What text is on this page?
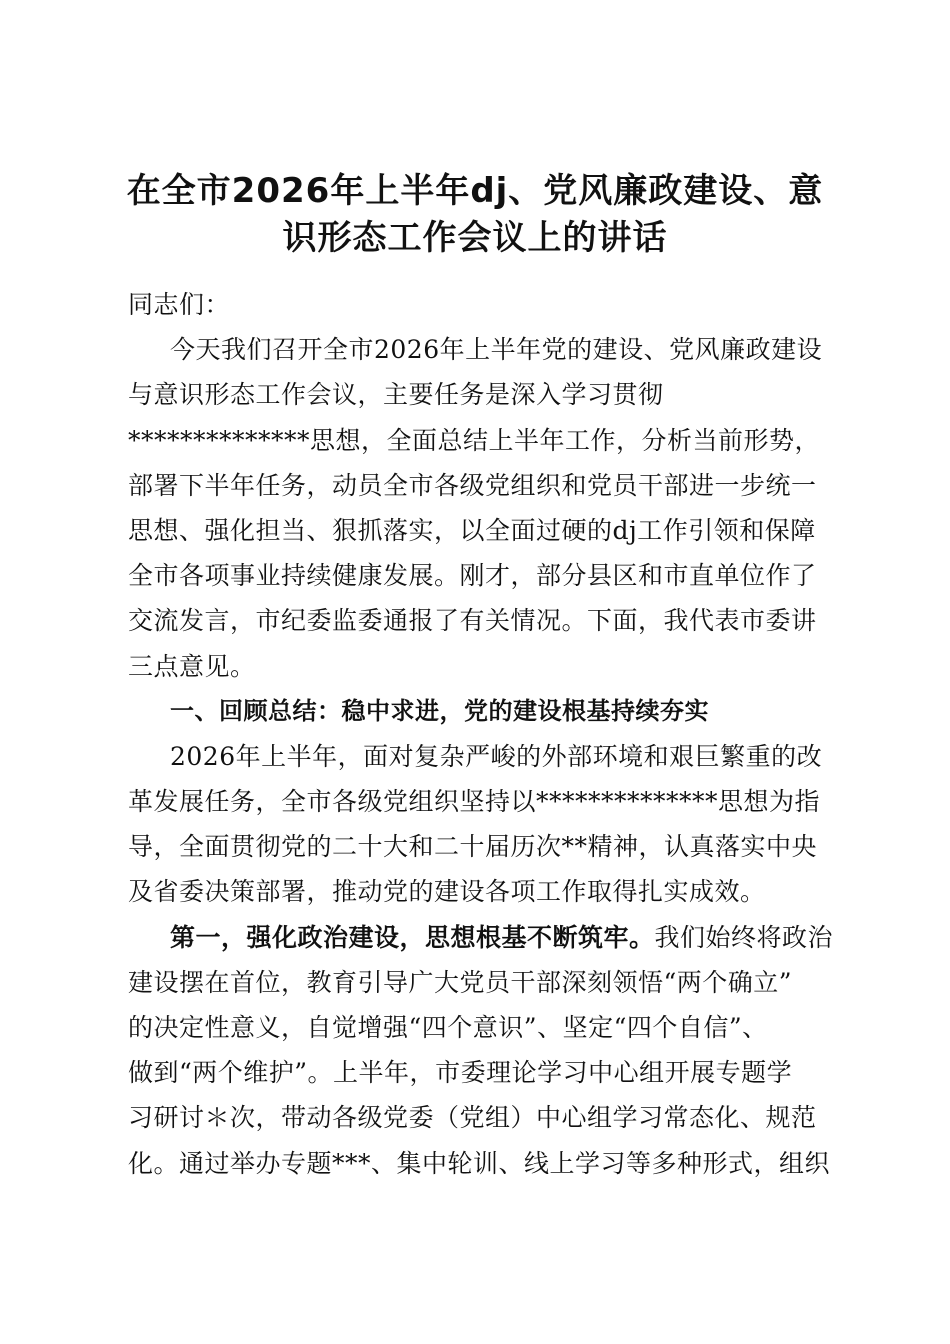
在全市2026年上半年dj、党风廉政建设、意
识形态工作会议上的讲话
同志们：
今天我们召开全市2026年上半年党的建设、党风廉政建设
与意识形态工作会议，主要任务是深入学习贯彻
**************思想，全面总结上半年工作，分析当前形势，
部署下半年任务，动员全市各级党组织和党员干部进一步统一
思想、强化担当、狠抓落实，以全面过硬的dj工作引领和保障
全市各项事业持续健康发展。刚才，部分县区和市直单位作了
交流发言，市纪委监委通报了有关情况。下面，我代表市委讲
三点意见。
一、回顾总结：稳中求进，党的建设根基持续夯实
2026年上半年，面对复杂严峻的外部环境和艰巨繁重的改
革发展任务，全市各级党组织坚持以**************思想为指
导，全面贯彻党的二十大和二十届历次**精神，认真落实中央
及省委决策部署，推动党的建设各项工作取得扎实成效。
第一，强化政治建设，思想根基不断筑牢。我们始终将政治
建设摆在首位，教育引导广大党员干部深刻领悟“两个确立”
的决定性意义，自觉增强“四个意识”、坚定“四个自信”、
做到“两个维护”。上半年，市委理论学习中心组开展专题学
习研讨＊次，带动各级党委（党组）中心组学习常态化、规范
化。通过举办专题***、集中轮训、线上学习等多种形式，组织
